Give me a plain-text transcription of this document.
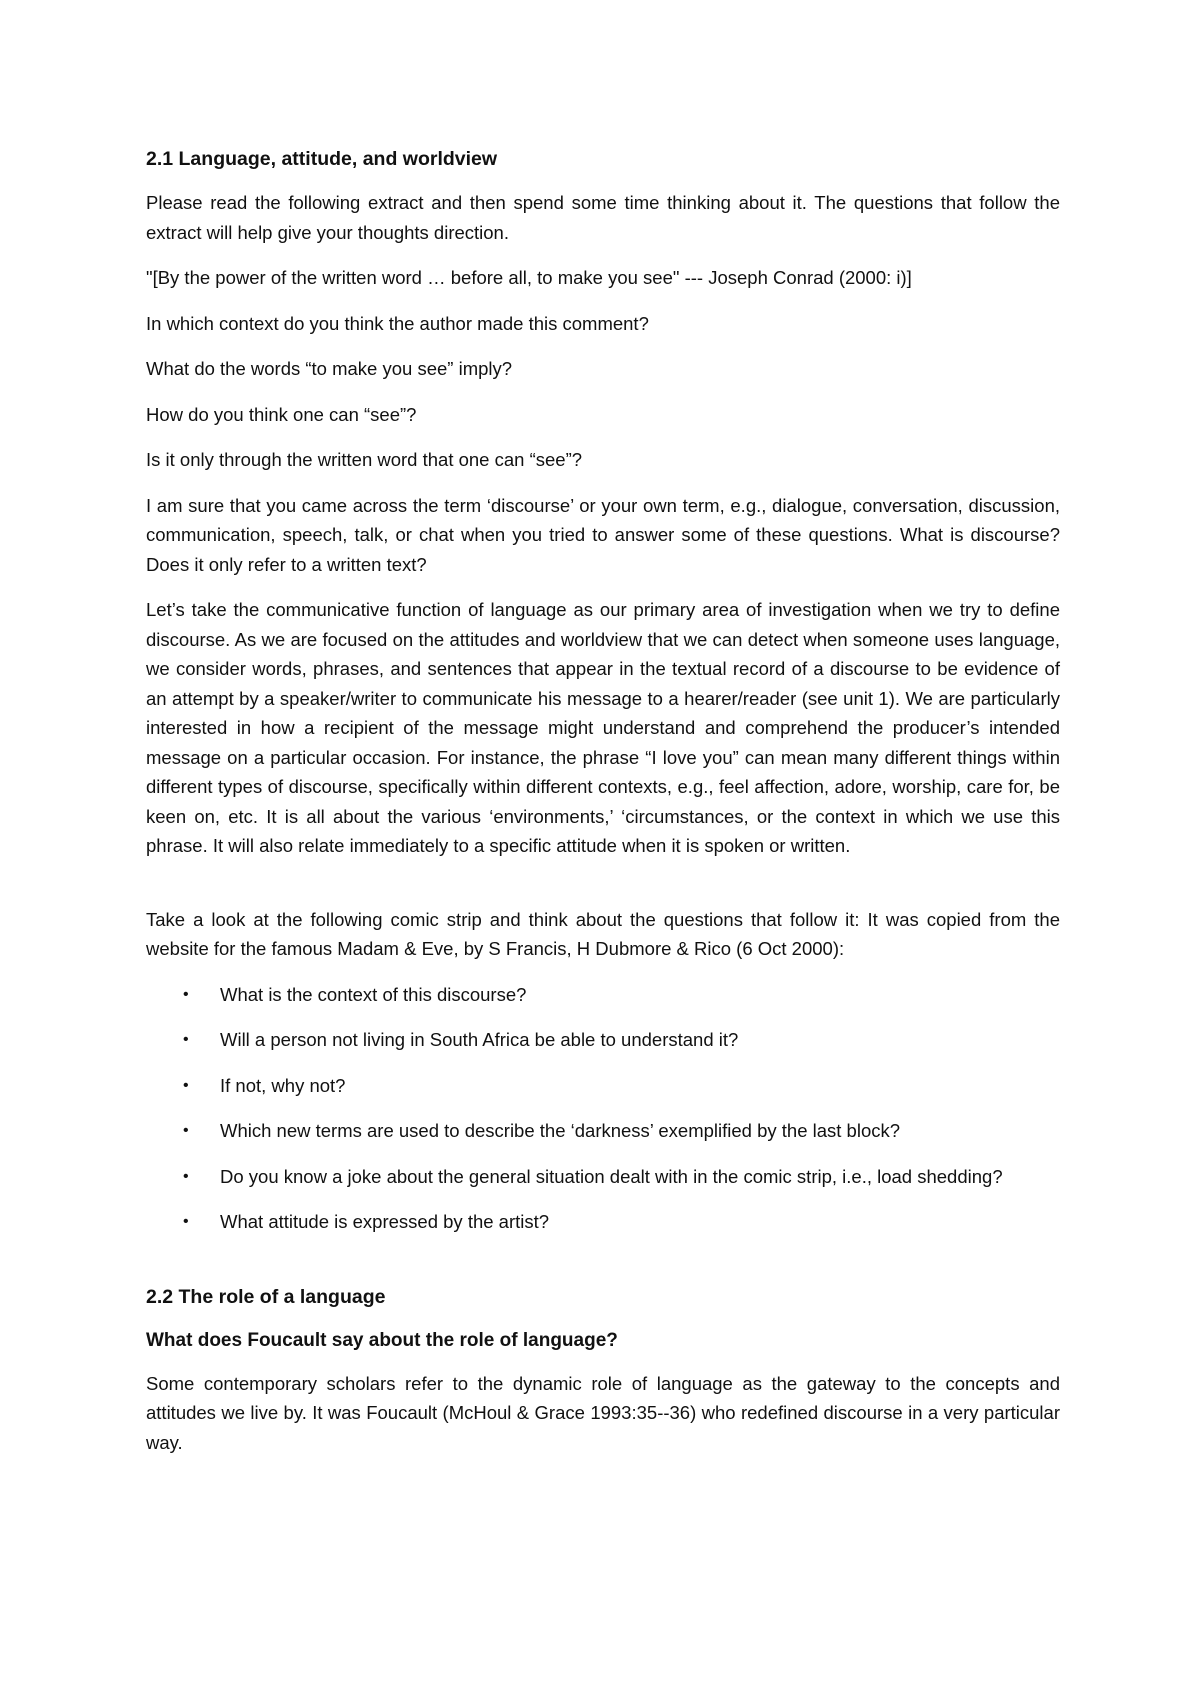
2.1 Language, attitude, and worldview

Please read the following extract and then spend some time thinking about it. The questions that follow the extract will help give your thoughts direction.

"[By the power of the written word … before all, to make you see" --- Joseph Conrad (2000: i)]

In which context do you think the author made this comment?

What do the words “to make you see” imply?

How do you think one can “see”?

Is it only through the written word that one can “see”?

I am sure that you came across the term ‘discourse’ or your own term, e.g., dialogue, conversation, discussion, communication, speech, talk, or chat when you tried to answer some of these questions. What is discourse? Does it only refer to a written text?

Let’s take the communicative function of language as our primary area of investigation when we try to define discourse. As we are focused on the attitudes and worldview that we can detect when someone uses language, we consider words, phrases, and sentences that appear in the textual record of a discourse to be evidence of an attempt by a speaker/writer to communicate his message to a hearer/reader (see unit 1). We are particularly interested in how a recipient of the message might understand and comprehend the producer’s intended message on a particular occasion. For instance, the phrase “I love you” can mean many different things within different types of discourse, specifically within different contexts, e.g., feel affection, adore, worship, care for, be keen on, etc. It is all about the various ‘environments,’ ‘circumstances, or the context in which we use this phrase. It will also relate immediately to a specific attitude when it is spoken or written.

Take a look at the following comic strip and think about the questions that follow it: It was copied from the website for the famous Madam & Eve, by S Francis, H Dubmore & Rico (6 Oct 2000):

• What is the context of this discourse?
• Will a person not living in South Africa be able to understand it?
• If not, why not?
• Which new terms are used to describe the ‘darkness’ exemplified by the last block?
• Do you know a joke about the general situation dealt with in the comic strip, i.e., load shedding?
• What attitude is expressed by the artist?
2.2 The role of a language
What does Foucault say about the role of language?

Some contemporary scholars refer to the dynamic role of language as the gateway to the concepts and attitudes we live by. It was Foucault (McHoul & Grace 1993:35--36) who redefined discourse in a very particular way.
